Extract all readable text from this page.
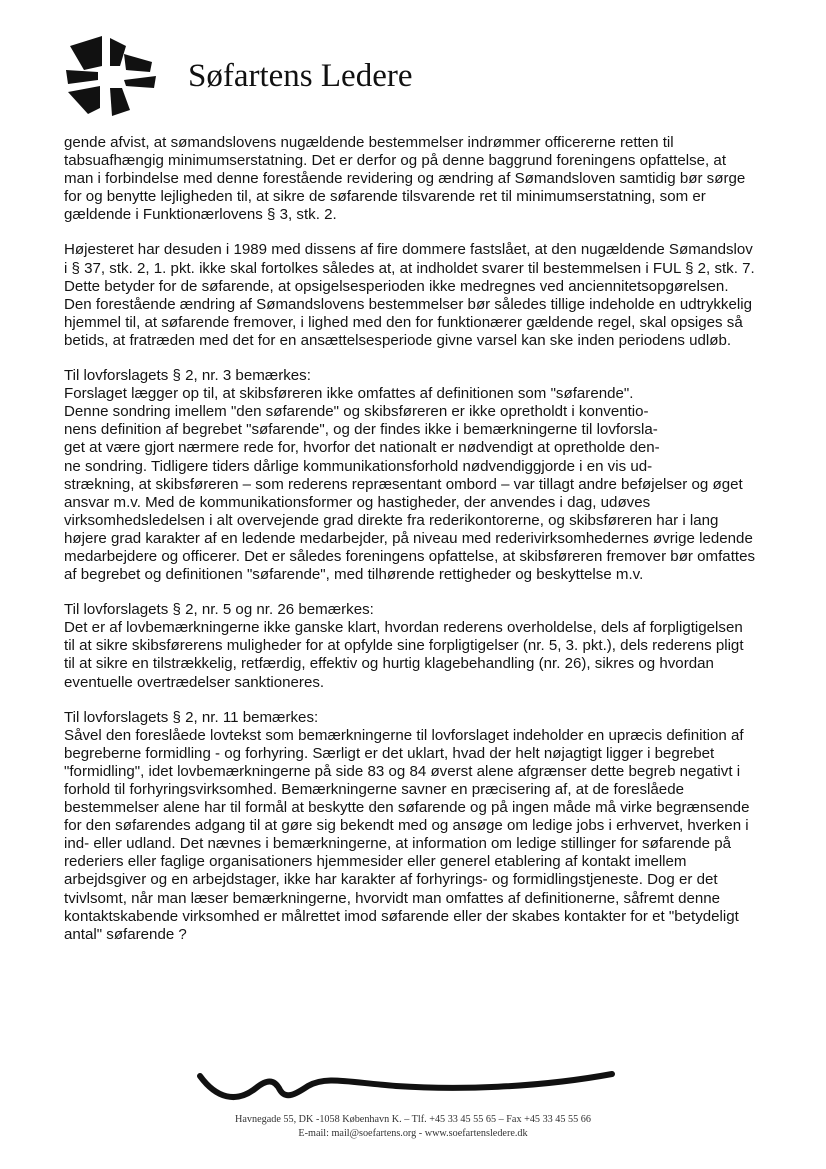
Søfartens Ledere

gende afvist, at sømandslovens nugældende bestemmelser indrømmer officererne retten til tabsuafhængig minimumserstatning. Det er derfor og på denne baggrund foreningens opfattelse, at man i forbindelse med denne forestående revidering og ændring af Sømandsloven samtidig bør sørge for og benytte lejligheden til, at sikre de søfarende tilsvarende ret til minimumserstatning, som er gældende i Funktionærlovens § 3, stk. 2.

Højesteret har desuden i 1989 med dissens af fire dommere fastslået, at den nugældende Sømandslov i § 37, stk. 2, 1. pkt. ikke skal fortolkes således at, at indholdet svarer til bestemmelsen i FUL § 2, stk. 7. Dette betyder for de søfarende, at opsigelsesperioden ikke medregnes ved anciennitetsopgørelsen. Den forestående ændring af Sømandslovens bestemmelser bør således tillige indeholde en udtrykkelig hjemmel til, at søfarende fremover, i lighed med den for funktionærer gældende regel, skal opsiges så betids, at fratræden med det for en ansættelsesperiode givne varsel kan ske inden periodens udløb.

Til lovforslagets § 2, nr. 3 bemærkes:

Forslaget lægger op til, at skibsføreren ikke omfattes af definitionen som "søfarende".

Denne sondring imellem "den søfarende" og skibsføreren er ikke opretholdt i konventio-

nens definition af begrebet "søfarende", og der findes ikke i bemærkningerne til lovforsla-

get at være gjort nærmere rede for, hvorfor det nationalt er nødvendigt at opretholde den-

ne sondring. Tidligere tiders dårlige kommunikationsforhold nødvendiggjorde i en vis ud-

strækning, at skibsføreren – som rederens repræsentant ombord – var tillagt andre beføjelser og øget ansvar m.v. Med de kommunikationsformer og hastigheder, der anvendes i dag, udøves virksomhedsledelsen i alt overvejende grad direkte fra rederikontorerne, og skibsføreren har i lang højere grad karakter af en ledende medarbejder, på niveau med rederivirksomhedernes øvrige ledende medarbejdere og officerer. Det er således foreningens opfattelse, at skibsføreren fremover bør omfattes af begrebet og definitionen "søfarende", med tilhørende rettigheder og beskyttelse m.v.

Til lovforslagets § 2, nr. 5 og nr. 26 bemærkes:

Det er af lovbemærkningerne ikke ganske klart, hvordan rederens overholdelse, dels af forpligtigelsen til at sikre skibsførerens muligheder for at opfylde sine forpligtigelser (nr. 5, 3. pkt.), dels rederens pligt til at sikre en tilstrækkelig, retfærdig, effektiv og hurtig klagebehandling (nr. 26), sikres og hvordan eventuelle overtrædelser sanktioneres.

Til lovforslagets § 2, nr. 11 bemærkes:

Såvel den foreslåede lovtekst som bemærkningerne til lovforslaget indeholder en upræcis definition af begreberne formidling - og forhyring. Særligt er det uklart, hvad der helt nøjagtigt ligger i begrebet "formidling", idet lovbemærkningerne på side 83 og 84 øverst alene afgrænser dette begreb negativt i forhold til forhyringsvirksomhed. Bemærkningerne savner en præcisering af, at de foreslåede bestemmelser alene har til formål at beskytte den søfarende og på ingen måde må virke begrænsende for den søfarendes adgang til at gøre sig bekendt med og ansøge om ledige jobs i erhvervet, hverken i ind- eller udland. Det nævnes i bemærkningerne, at information om ledige stillinger for søfarende på rederiers eller faglige organisationers hjemmesider eller generel etablering af kontakt imellem arbejdsgiver og en arbejdstager, ikke har karakter af forhyrings- og formidlingstjeneste. Dog er det tvivlsomt, når man læser bemærkningerne, hvorvidt man omfattes af definitionerne, såfremt denne kontaktskabende virksomhed er målrettet imod søfarende eller der skabes kontakter for et "betydeligt antal" søfarende ?

Havnegade 55, DK -1058 København K. – Tlf. +45 33 45 55 65 – Fax +45 33 45 55 66
E-mail: mail@soefartens.org - www.soefartensledere.dk
